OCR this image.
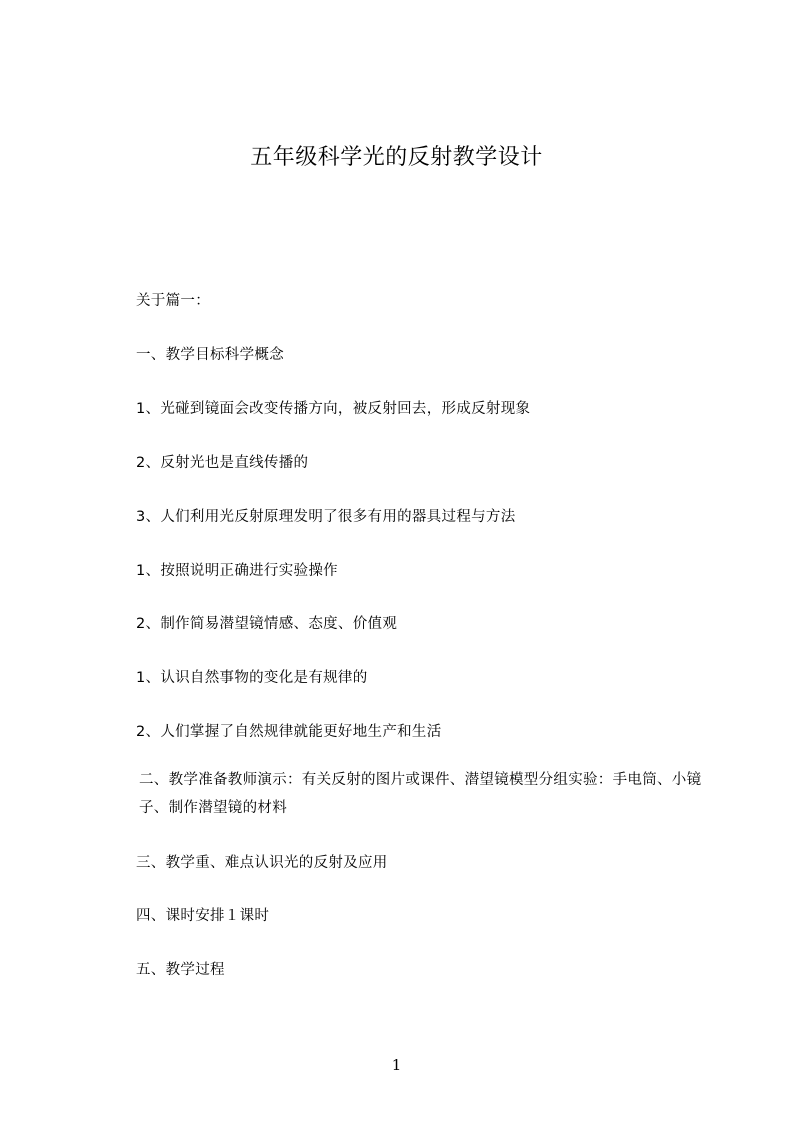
五年级科学光的反射教学设计
关于篇一：
一、教学目标科学概念
1、光碰到镜面会改变传播方向，被反射回去，形成反射现象
2、反射光也是直线传播的
3、人们利用光反射原理发明了很多有用的器具过程与方法
1、按照说明正确进行实验操作
2、制作简易潜望镜情感、态度、价值观
1、认识自然事物的变化是有规律的
2、人们掌握了自然规律就能更好地生产和生活
二、教学准备教师演示：有关反射的图片或课件、潜望镜模型分组实验：手电筒、小镜子、制作潜望镜的材料
三、教学重、难点认识光的反射及应用
四、课时安排１课时
五、教学过程
1
